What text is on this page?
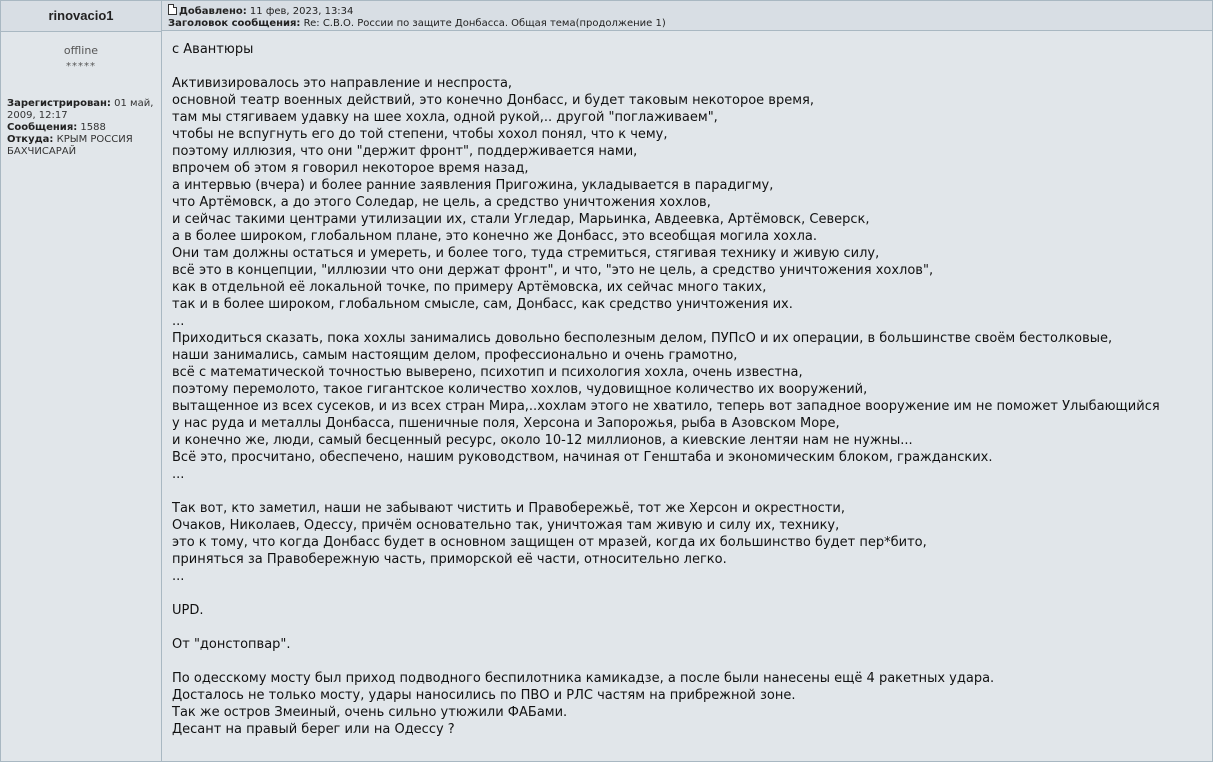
rinovacio1
offline
*****
Зарегистрирован: 01 май, 2009, 12:17
Сообщения: 1588
Откуда: КРЫМ РОССИЯ БАХЧИСАРАЙ
Добавлено: 11 фев, 2023, 13:34
Заголовок сообщения: Re: С.В.О. России по защите Донбасса. Общая тема(продолжение 1)

с Авантюры

Активизировалось это направление и неспроста,

основной театр военных действий, это конечно Донбасс, и будет таковым некоторое время,

там мы стягиваем удавку на шее хохла, одной рукой,.. другой "поглаживаем",

чтобы не вспугнуть его до той степени, чтобы хохол понял, что к чему,

поэтому иллюзия, что они "держит фронт", поддерживается нами,

впрочем об этом я говорил некоторое время назад,

а интервью (вчера) и более ранние заявления Пригожина, укладывается в парадигму,

что Артёмовск, а до этого Соледар, не цель, а средство уничтожения хохлов,

и сейчас такими центрами утилизации их, стали Угледар, Марьинка, Авдеевка, Артёмовск, Северск,

а в более широком, глобальном плане, это конечно же Донбасс, это всеобщая могила хохла.

Они там должны остаться и умереть, и более того, туда стремиться, стягивая технику и живую силу,

всё это в концепции, "иллюзии что они держат фронт", и что, "это не цель, а средство уничтожения хохлов",

как в отдельной её локальной точке, по примеру Артёмовска, их сейчас много таких,

так и в более широком, глобальном смысле, сам, Донбасс, как средство уничтожения их.

...

Приходиться сказать, пока хохлы занимались довольно бесполезным делом, ПУПсО и их операции, в большинстве своём бестолковые,

наши занимались, самым настоящим делом, профессионально и очень грамотно,

всё с математической точностью выверено, психотип и психология хохла, очень известна,

поэтому перемолото, такое гигантское количество хохлов, чудовищное количество их вооружений,

вытащенное из всех сусеков, и из всех стран Мира,..хохлам этого не хватило, теперь вот западное вооружение им не поможет Улыбающийся

у нас руда и металлы Донбасса, пшеничные поля, Херсона и Запорожья, рыба в Азовском Море,

и конечно же, люди, самый бесценный ресурс, около 10-12 миллионов, а киевские лентяи нам не нужны...

Всё это, просчитано, обеспечено, нашим руководством, начиная от Генштаба и экономическим блоком, гражданских.

...

Так вот, кто заметил, наши не забывают чистить и Правобережьё, тот же Херсон и окрестности,

Очаков, Николаев, Одессу, причём основательно так, уничтожая там живую и силу их, технику,

это к тому, что когда Донбасс будет в основном защищен от мразей, когда их большинство будет пер*бито,

приняться за Правобережную часть, приморской её части, относительно легко.

...

UPD.

От "донстопвар".

По одесскому мосту был приход подводного беспилотника камикадзе, а после были нанесены ещё 4 ракетных удара.

Досталось не только мосту, удары наносились по ПВО и РЛС частям на прибрежной зоне.

Так же остров Змеиный, очень сильно утюжили ФАБами.

Десант на правый берег или на Одессу ?
